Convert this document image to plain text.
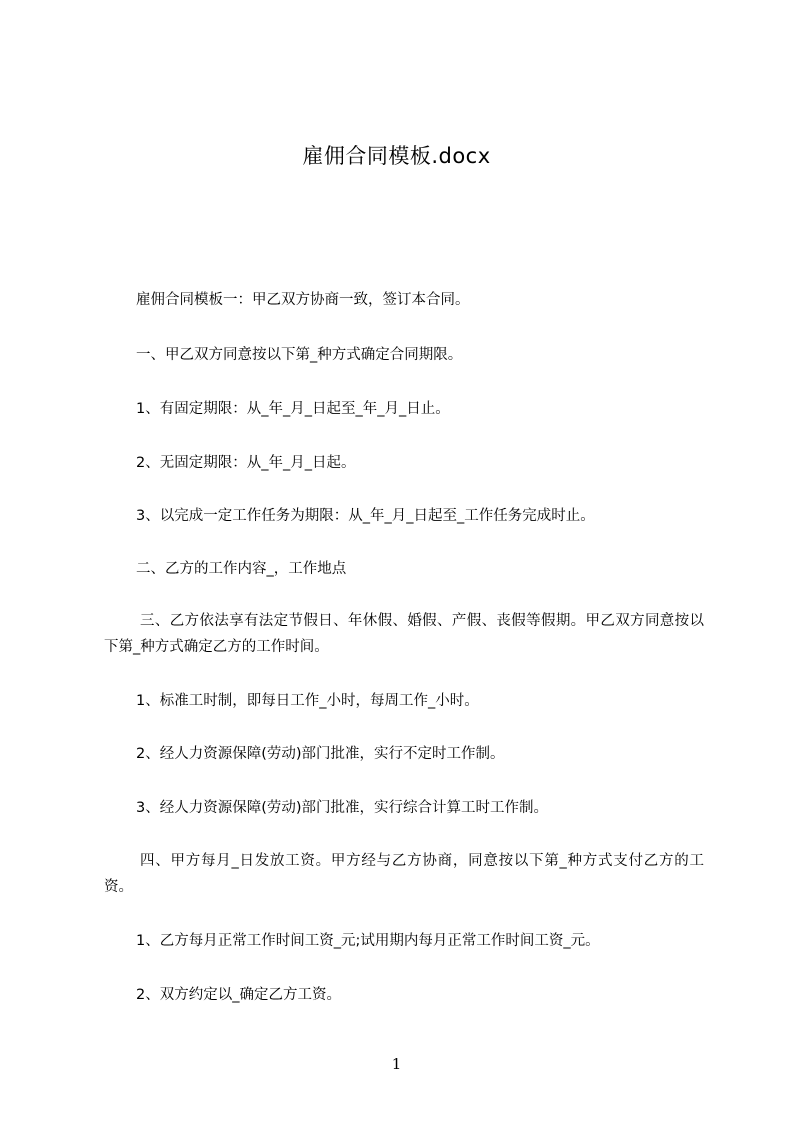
雇佣合同模板.docx
雇佣合同模板一：甲乙双方协商一致，签订本合同。
一、甲乙双方同意按以下第_种方式确定合同期限。
1、有固定期限：从_年_月_日起至_年_月_日止。
2、无固定期限：从_年_月_日起。
3、以完成一定工作任务为期限：从_年_月_日起至_工作任务完成时止。
二、乙方的工作内容_，工作地点
三、乙方依法享有法定节假日、年休假、婚假、产假、丧假等假期。甲乙双方同意按以下第_种方式确定乙方的工作时间。
1、标准工时制，即每日工作_小时，每周工作_小时。
2、经人力资源保障(劳动)部门批准，实行不定时工作制。
3、经人力资源保障(劳动)部门批准，实行综合计算工时工作制。
四、甲方每月_日发放工资。甲方经与乙方协商，同意按以下第_种方式支付乙方的工资。
1、乙方每月正常工作时间工资_元;试用期内每月正常工作时间工资_元。
2、双方约定以_确定乙方工资。
1
